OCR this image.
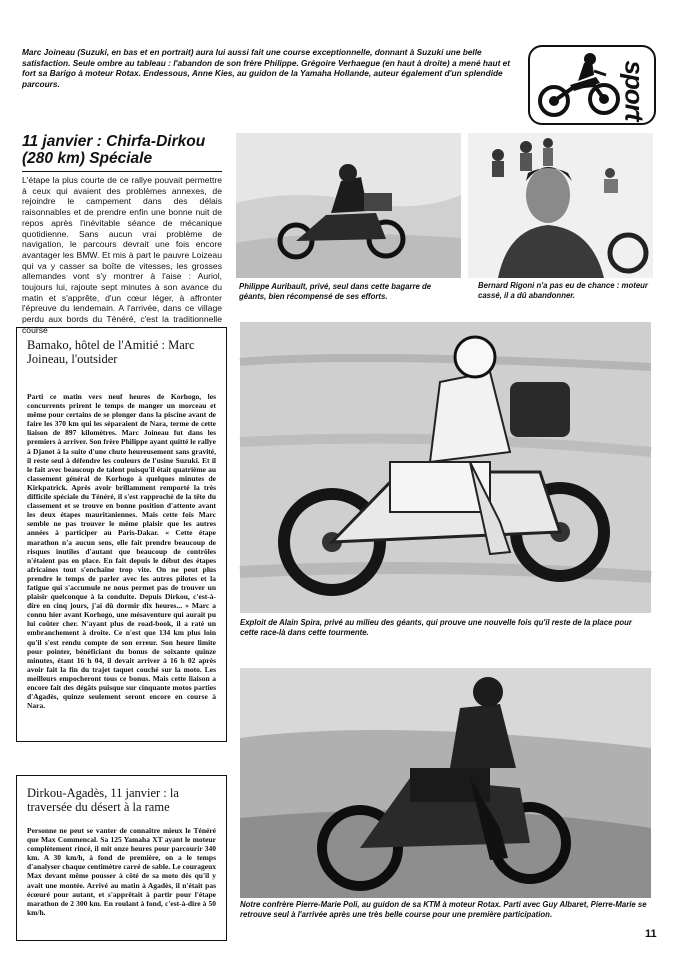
Marc Joineau (Suzuki, en bas et en portrait) aura lui aussi fait une course exceptionnelle, donnant à Suzuki une belle satisfaction. Seule ombre au tableau : l'abandon de son frère Philippe. Grégoire Verhaegue (en haut à droite) a mené haut et fort sa Barigo à moteur Rotax. Endessous, Anne Kies, au guidon de la Yamaha Hollande, auteur également d'un splendide parcours.	sport
11 janvier : Chirfa-Dirkou (280 km) Spéciale
L'étape la plus courte de ce rallye pouvait permettre à ceux qui avaient des problèmes annexes, de rejoindre le campement dans des délais raisonnables et de prendre enfin une bonne nuit de repos après l'inévitable séance de mécanique quotidienne. Sans aucun vrai problème de navigation, le parcours devrait une fois encore avantager les BMW. Et mis à part le pauvre Loizeau qui va y casser sa boîte de vitesses, les grosses allemandes vont s'y montrer à l'aise : Auriol, toujours lui, rajoute sept minutes à son avance du matin et s'apprête, d'un cœur léger, à affronter l'épreuve du lendemain. A l'arrivée, dans ce village perdu aux bords du Ténéré, c'est la traditionnelle course
Bamako, hôtel de l'Amitié : Marc Joineau, l'outsider

Parti ce matin vers neuf heures de Korhogo, les concurrents prirent le temps de manger un morceau et même pour certains de se plonger dans la piscine avant de faire les 370 km qui les séparaient de Nara, terme de cette liaison de 897 kilomètres. Marc Joineau fut dans les premiers à arriver. Son frère Philippe ayant quitté le rallye à Djanet à la suite d'une chute heureusement sans gravité, il reste seul à défendre les couleurs de l'usine Suzuki. Et il le fait avec beaucoup de talent puisqu'il était quatrième au classement général de Korhogo à quelques minutes de Kirkpatrick. Après avoir brillamment remporté la très difficile spéciale du Ténéré, il s'est rapproché de la tête du classement et se trouve en bonne position d'attente avant les deux étapes mauritaniennes. Mais cette fois Marc semble ne pas trouver le même plaisir que les autres années à participer au Paris-Dakar. « Cette étape marathon n'a aucun sens, elle fait prendre beaucoup de risques inutiles d'autant que beaucoup de contrôles n'étaient pas en place. En fait depuis le début des étapes africaines tout s'enchaîne trop vite. On ne peut plus prendre le temps de parler avec les autres pilotes et la fatigue qui s'accumule ne nous permet pas de trouver un plaisir quelconque à la conduite. Depuis Dirkou, c'est-à-dire en cinq jours, j'ai dû dormir dix heures... » Marc a connu hier avant Korhogo, une mésaventure qui aurait pu lui coûter cher. N'ayant plus de road-book, il a raté un embranchement à droite. Ce n'est que 134 km plus loin qu'il s'est rendu compte de son erreur. Son heure limite pour pointer, bénéficiant du bonus de soixante quinze minutes, étant 16 h 04, il devait arriver à 16 h 02 après avoir fait la fin du trajet taquet couché sur la moto. Les meilleurs empocheront tous ce bonus. Mais cette liaison a encore fait des dégâts puisque sur cinquante motos parties d'Agadès, quinze seulement seront encore en course à Nara.

Dirkou-Agadès, 11 janvier : la traversée du désert à la rame

Personne ne peut se vanter de connaître mieux le Ténéré que Max Commencal. Sa 125 Yamaha XT ayant le moteur complètement rincé, il mit onze heures pour parcourir 340 km. A 30 km/h, à fond de première, on a le temps d'analyser chaque centimètre carré de sable. Le courageux Max devant même pousser à côté de sa moto dès qu'il y avait une montée. Arrivé au matin à Agadès, il n'était pas écœuré pour autant, et s'apprêtait à partir pour l'étape marathon de 2 300 km. En roulant à fond, c'est-à-dire à 50 km/h.

Philippe Auribault, privé, seul dans cette bagarre de géants, bien récompensé de ses efforts.
Bernard Rigoni n'a pas eu de chance : moteur cassé, il a dû abandonner.
Exploit de Alain Spira, privé au milieu des géants, qui prouve une nouvelle fois qu'il reste de la place pour cette race-là dans cette tourmente.
Notre confrère Pierre-Marie Poli, au guidon de sa KTM à moteur Rotax. Parti avec Guy Albaret, Pierre-Marie se retrouve seul à l'arrivée après une très belle course pour une première participation.
11
